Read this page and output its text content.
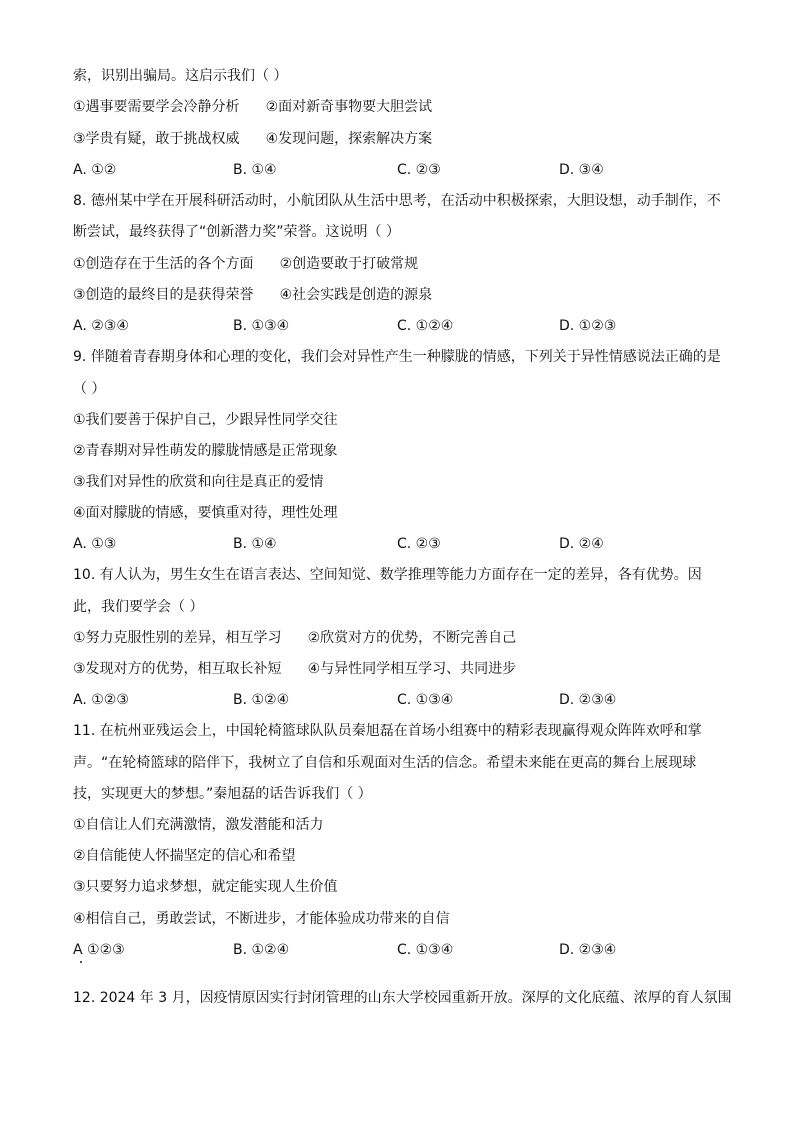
索，识别出骗局。这启示我们（ ）
①遇事要需要学会冷静分析 ②面对新奇事物要大胆尝试
③学贵有疑，敢于挑战权威 ④发现问题，探索解决方案
A. ①②	B. ①④	C. ②③	D. ③④
8. 德州某中学在开展科研活动时，小航团队从生活中思考，在活动中积极探索，大胆设想，动手制作，不
断尝试，最终获得了“创新潜力奖”荣誉。这说明（ ）
①创造存在于生活的各个方面 ②创造要敢于打破常规
③创造的最终目的是获得荣誉 ④社会实践是创造的源泉
A. ②③④	B. ①③④	C. ①②④	D. ①②③
9. 伴随着青春期身体和心理的变化，我们会对异性产生一种朦胧的情感，下列关于异性情感说法正确的是
（ ）
①我们要善于保护自己，少跟异性同学交往
②青春期对异性萌发的朦胧情感是正常现象
③我们对异性的欣赏和向往是真正的爱情
④面对朦胧的情感，要慎重对待，理性处理
A. ①③	B. ①④	C. ②③	D. ②④
10. 有人认为，男生女生在语言表达、空间知觉、数学推理等能力方面存在一定的差异，各有优势。因
此，我们要学会（ ）
①努力克服性别的差异，相互学习 ②欣赏对方的优势，不断完善自己
③发现对方的优势，相互取长补短 ④与异性同学相互学习、共同进步
A. ①②③	B. ①②④	C. ①③④	D. ②③④
11. 在杭州亚残运会上，中国轮椅篮球队队员秦旭磊在首场小组赛中的精彩表现赢得观众阵阵欢呼和掌
声。“在轮椅篮球的陪伴下，我树立了自信和乐观面对生活的信念。希望未来能在更高的舞台上展现球
技，实现更大的梦想。”秦旭磊的话告诉我们（ ）
①自信让人们充满激情，激发潜能和活力
②自信能使人怀揣坚定的信心和希望
③只要努力追求梦想，就定能实现人生价值
④相信自己，勇敢尝试，不断进步，才能体验成功带来的自信
A ①②③	B. ①②④	C. ①③④	D. ②③④
12. 2024 年 3 月，因疫情原因实行封闭管理的山东大学校园重新开放。深厚的文化底蕴、浓厚的育人氛围
